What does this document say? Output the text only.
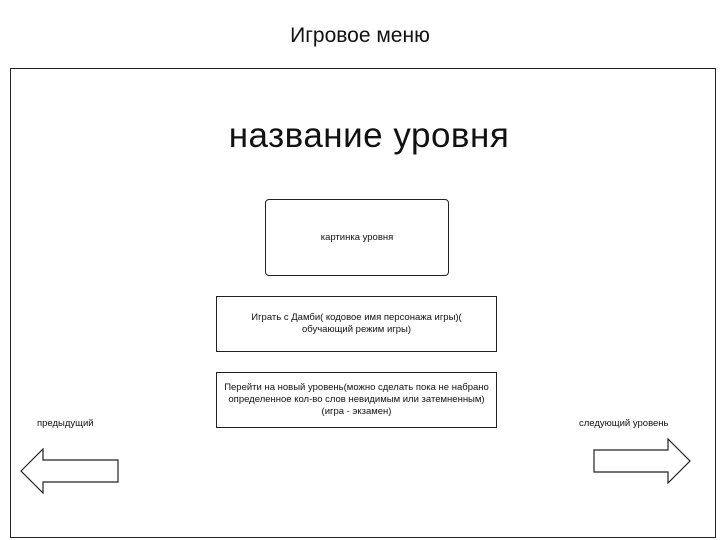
Игровое меню
название уровня
картинка уровня
Играть с Дамби( кодовое имя персонажа игры)( обучающий режим игры)
Перейти на новый уровень(можно сделать пока не набрано определенное кол-во слов невидимым или затемненным)(игра - экзамен)
предыдущий	следующий уровень
